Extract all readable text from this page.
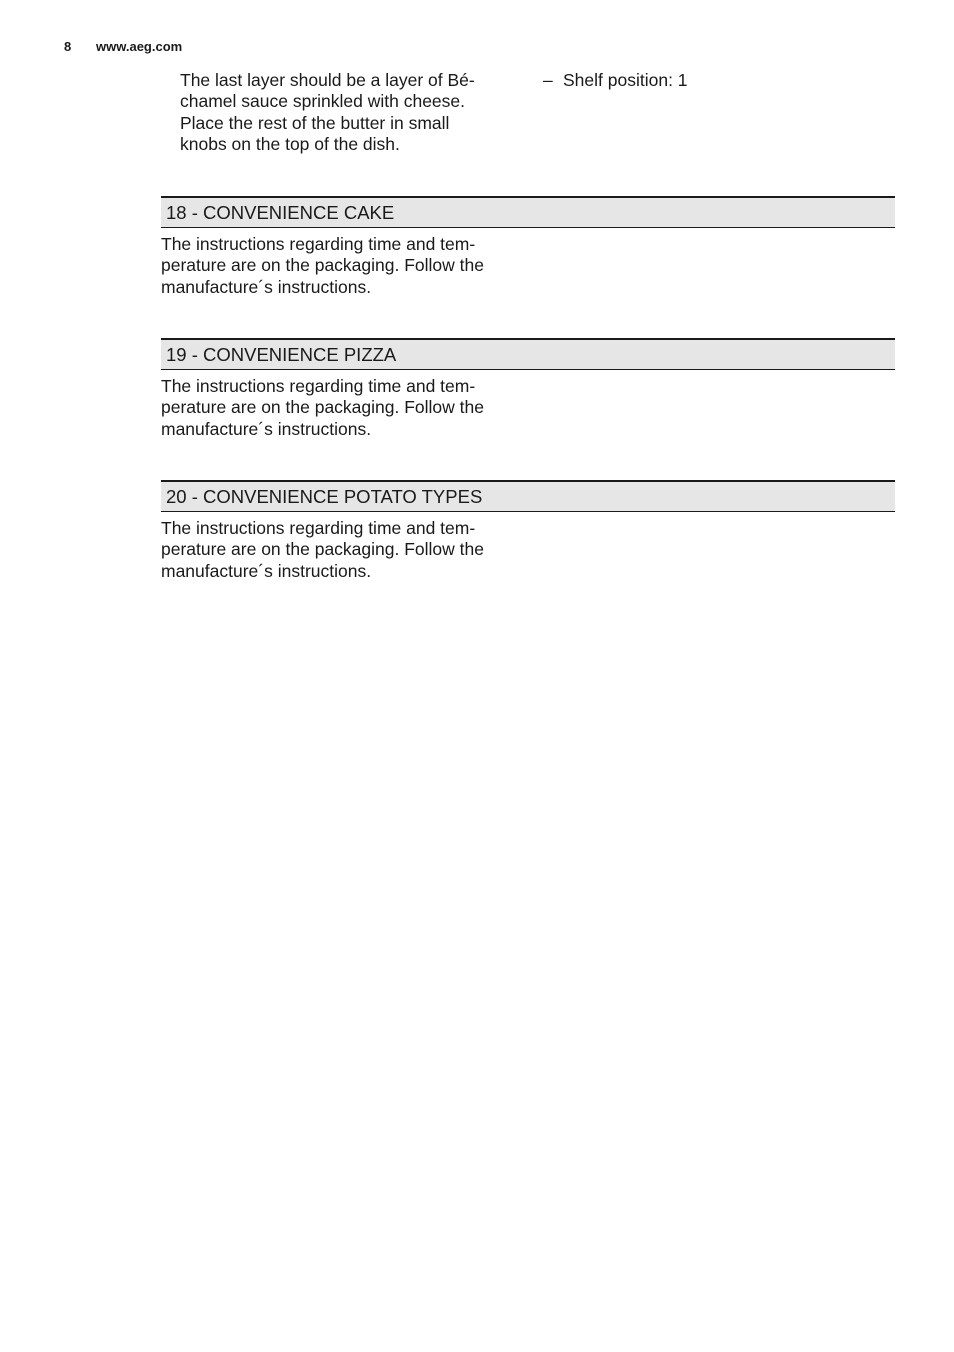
8 www.aeg.com
The last layer should be a layer of Bé-
chamel sauce sprinkled with cheese.
Place the rest of the butter in small
knobs on the top of the dish.
– Shelf position: 1
18 - CONVENIENCE CAKE
The instructions regarding time and tem-
perature are on the packaging. Follow the
manufacture´s instructions.
19 - CONVENIENCE PIZZA
The instructions regarding time and tem-
perature are on the packaging. Follow the
manufacture´s instructions.
20 - CONVENIENCE POTATO TYPES
The instructions regarding time and tem-
perature are on the packaging. Follow the
manufacture´s instructions.
